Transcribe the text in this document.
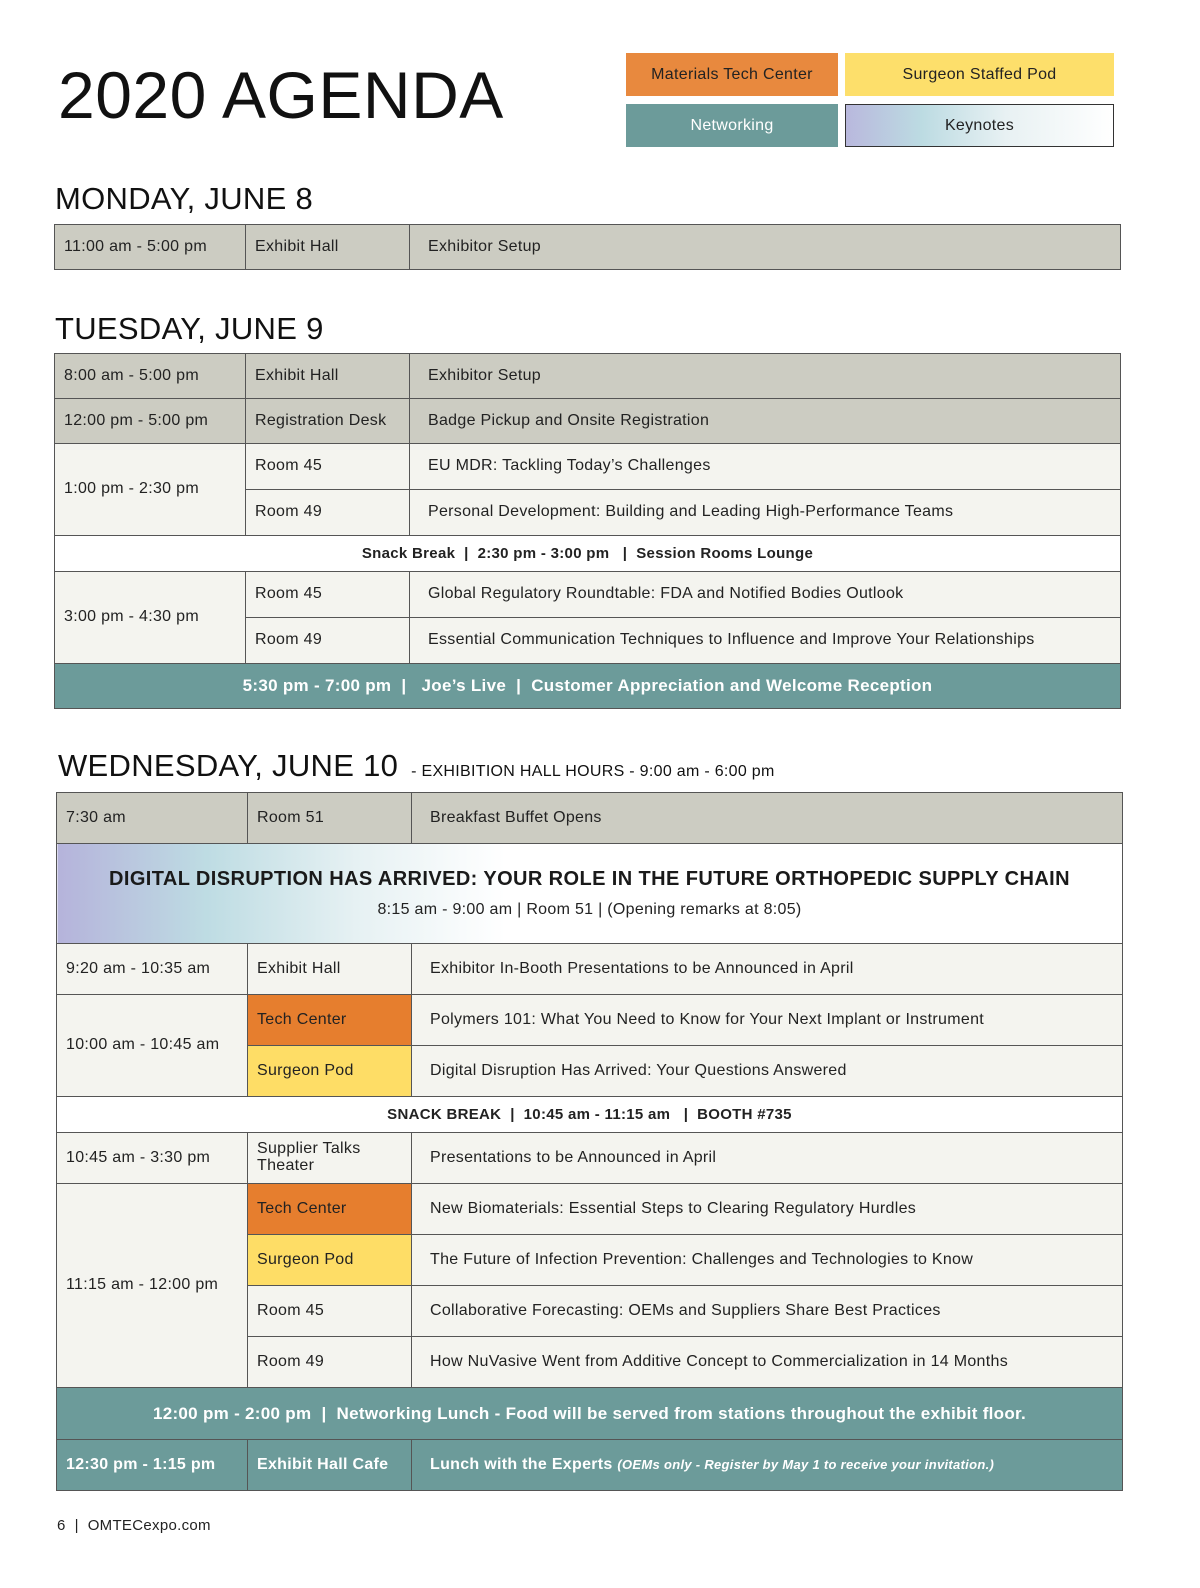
2020 AGENDA	Materials Tech Center	Surgeon Staffed Pod
Networking	Keynotes
MONDAY, JUNE 8
11:00 am - 5:00 pm	Exhibit Hall	Exhibitor Setup
TUESDAY, JUNE 9
8:00 am - 5:00 pm	Exhibit Hall	Exhibitor Setup
12:00 pm - 5:00 pm	Registration Desk	Badge Pickup and Onsite Registration
1:00 pm - 2:30 pm	Room 45	EU MDR: Tackling Today’s Challenges
	Room 49	Personal Development: Building and Leading High-Performance Teams
Snack Break  |  2:30 pm - 3:00 pm   |  Session Rooms Lounge		
3:00 pm - 4:30 pm	Room 45	Global Regulatory Roundtable: FDA and Notified Bodies Outlook
	Room 49	Essential Communication Techniques to Influence and Improve Your Relationships
5:30 pm - 7:00 pm  |   Joe’s Live  |  Customer Appreciation and Welcome Reception		
WEDNESDAY, JUNE 10 - EXHIBITION HALL HOURS - 9:00 am - 6:00 pm
7:30 am	Room 51	Breakfast Buffet Opens

DIGITAL DISRUPTION HAS ARRIVED: YOUR ROLE IN THE FUTURE ORTHOPEDIC SUPPLY CHAIN
8:15 am - 9:00 am | Room 51 | (Opening remarks at 8:05)		

9:20 am - 10:35 am	Exhibit Hall	Exhibitor In-Booth Presentations to be Announced in April
10:00 am - 10:45 am	Tech Center	Polymers 101: What You Need to Know for Your Next Implant or Instrument
	Surgeon Pod	Digital Disruption Has Arrived: Your Questions Answered
SNACK BREAK  |  10:45 am - 11:15 am   |  BOOTH #735		
10:45 am - 3:30 pm	Supplier Talks Theater	Presentations to be Announced in April
11:15 am - 12:00 pm	Tech Center	New Biomaterials: Essential Steps to Clearing Regulatory Hurdles
	Surgeon Pod	The Future of Infection Prevention: Challenges and Technologies to Know
	Room 45	Collaborative Forecasting: OEMs and Suppliers Share Best Practices
	Room 49	How NuVasive Went from Additive Concept to Commercialization in 14 Months
12:00 pm - 2:00 pm  |  Networking Lunch - Food will be served from stations throughout the exhibit floor.		
12:30 pm - 1:15 pm	Exhibit Hall Cafe	Lunch with the Experts (OEMs only - Register by May 1 to receive your invitation.)
6  |  OMTECexpo.com
